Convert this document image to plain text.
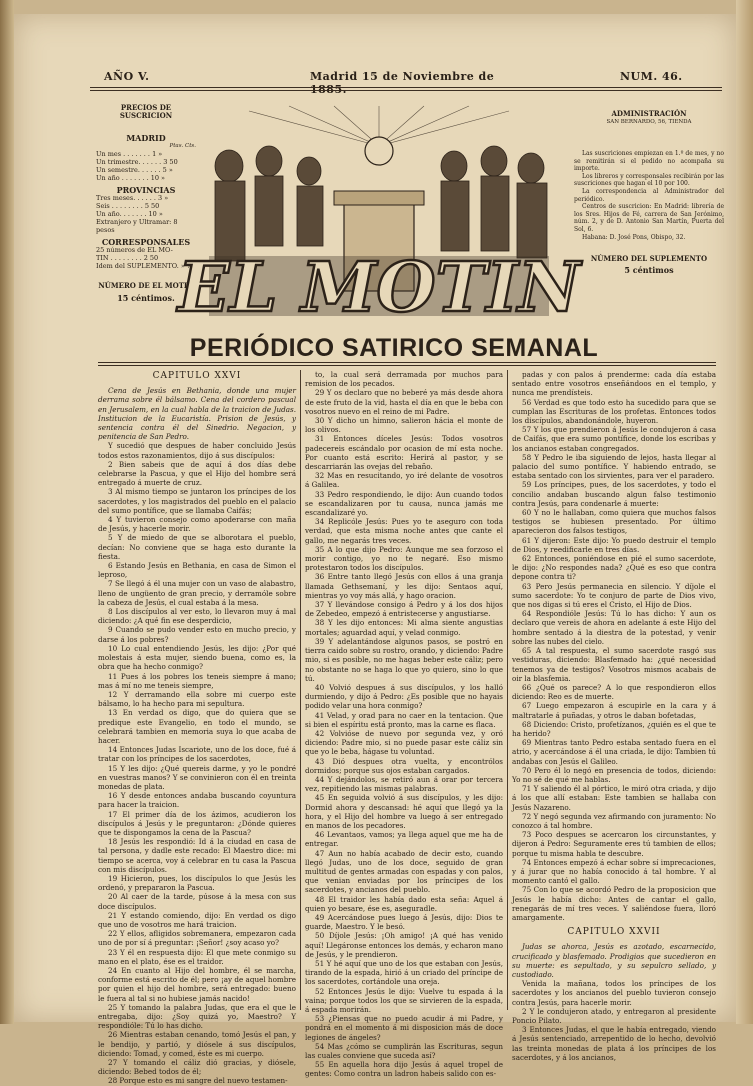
AÑO V.	Madrid 15 de Noviembre de 1885.
NUM. 46.
PRECIOS DE SUSCRICION
MADRID
Ptas. Cts.
Un mes . . . . . . . 1 »
Un trimestre. . . . . . 3 50
Un semestre. . . . . . 5 »
Un año . . . . . . . 10 »
PROVINCIAS
Tres meses. . . . . . 3 »
Seis . . . . . . . . 5 50
Un año. . . . . . . 10 »
Extranjero y Ultramar: 8 pesos
CORRESPONSALES
25 números de EL MO-
TIN . . . . . . . . 2 50
Idem del SUPLEMENTO. » 75
NÚMERO DE EL MOTIN
15 céntimos.
ADMINISTRACIÓN
SAN BERNARDO, 56, TIENDA
Las suscriciones empiezan en 1.º de mes, y no se remitirán si el pedido no acompaña su importe.
Los libreros y corresponsales recibirán por las suscriciones que hagan el 10 por 100.
La correspondencia al Administrador del periódico.
Centros de suscricion: En Madrid: librería de los Sres. Hijos de Fé, carrera de San Jerónimo, núm. 2, y de D. Antonio San Martín, Puerta del Sol, 6.
Habana: D. José Pons, Obispo, 32.
NÚMERO DEL SUPLEMENTO
5 céntimos
EL MOTIN
PERIÓDICO SATIRICO SEMANAL
CAPITULO XXVI

Cena de Jesús en Bethania, donde una mujer derrama sobre él bálsamo. Cena del cordero pascual en Jerusalem, en la cual habla de la traicion de Judas. Institucion de la Eucaristía. Prision de Jesús, y sentencia contra él del Sinedrio. Negacion, y penitencia de San Pedro.

Y sucedió que despues de haber concluido Jesús todos estos razonamientos, dijo á sus discípulos:

2 Bien sabeis que de aquí á dos días debe celebrarse la Pascua, y que el Hijo del hombre será entregado á muerte de cruz.

3 Al mismo tiempo se juntaron los príncipes de los sacerdotes, y los magistrados del pueblo en el palacio del sumo pontífice, que se llamaba Caifás;

4 Y tuvieron consejo como apoderarse con maña de Jesús, y hacerle morir.

5 Y de miedo de que se alborotara el pueblo, decían: No conviene que se haga esto durante la fiesta.

6 Estando Jesús en Bethania, en casa de Simon el leproso,

7 Se llegó á él una mujer con un vaso de alabastro, lleno de ungüento de gran precio, y derramóle sobre la cabeza de Jesús, el cual estaba á la mesa.

8 Los discípulos al ver esto, lo llevaron muy á mal diciendo: ¿A qué fin ese desperdicio,

9 Cuando se pudo vender esto en mucho precio, y darse á los pobres?

10 Lo cual entendiendo Jesús, les dijo: ¿Por qué molestais á esta mujer, siendo buena, como es, la obra que ha hecho conmigo?

11 Pues á los pobres los teneis siempre á mano; mas á mí no me teneis siempre,

12 Y derramando ella sobre mi cuerpo este bálsamo, lo ha hecho para mi sepultura.

13 En verdad os digo, que do quiera que se predique este Evangelio, en todo el mundo, se celebrará tambien en memoria suya lo que acaba de hacer.

14 Entonces Judas Iscariote, uno de los doce, fué á tratar con los príncipes de los sacerdotes,

15 Y les dijo: ¿Qué quereis darme, y yo le pondré en vuestras manos? Y se convinieron con él en treinta monedas de plata.

16 Y desde entonces andaba buscando coyuntura para hacer la traicion.

17 El primer día de los ázimos, acudieron los discípulos á Jesús y le preguntaron: ¿Dónde quieres que te dispongamos la cena de la Pascua?

18 Jesús les respondió: Id á la ciudad en casa de tal persona, y dadle este recado: El Maestro dice: mi tiempo se acerca, voy á celebrar en tu casa la Pascua con mis discípulos.

19 Hicieron, pues, los discípulos lo que Jesús les ordenó, y prepararon la Pascua.

20 Al caer de la tarde, púsose á la mesa con sus doce discípulos.

21 Y estando comiendo, dijo: En verdad os digo que uno de vosotros me hará traicion.

22 Y ellos, afligidos sobremanera, empezaron cada uno de por sí á preguntar: ¡Señor! ¿soy acaso yo?

23 Y él en respuesta dijo: El que mete conmigo su mano en el plato, ése es el traidor.

24 En cuanto al Hijo del hombre, él se marcha, conforme está escrito de él; pero ¡ay de aquel hombre por quien el hijo del hombre, será entregado: bueno le fuera al tal si no hubiese jamás nacido!

25 Y tomando la palabra Judas, que era el que le entregaba, dijo: ¿Soy quizá yo, Maestro? Y respondióle: Tú lo has dicho.

26 Mientras estaban cenando, tomó Jesús el pan, y le bendijo, y partió, y diósele á sus discípulos, diciendo: Tomad, y comed, éste es mi cuerpo.

27 Y tomando el cáliz dió gracias, y diósele, diciendo: Bebed todos de él;

28 Porque esto es mi sangre del nuevo testamen-

to, la cual será derramada por muchos para remision de los pecados.

29 Y os declaro que no beberé ya más desde ahora de este fruto de la vid, hasta el día en que le beba con vosotros nuevo en el reino de mi Padre.

30 Y dicho un himno, salieron hácia el monte de los olivos.

31 Entonces díceles Jesús: Todos vosotros padecereis escándalo por ocasion de mí esta noche. Por cuanto está escrito: Herirá al pastor, y se descarriarán las ovejas del rebaño.

32 Mas en resucitando, yo iré delante de vosotros á Galilea.

33 Pedro respondiendo, le dijo: Aun cuando todos se escandalizaren por tu causa, nunca jamás me escandalizaré yo.

34 Replicóle Jesús: Pues yo te aseguro con toda verdad, que esta misma noche antes que cante el gallo, me negarás tres veces.

35 A lo que dijo Pedro: Aunque me sea forzoso el morir contigo, yo no te negaré. Eso mismo protestaron todos los discípulos.

36 Entre tanto llegó Jesús con ellos á una granja llamada Gethsemaní, y les dijo: Sentaos aquí, mientras yo voy más allá, y hago oracion.

37 Y llevándose consigo á Pedro y á los dos hijos de Zebedeo, empezó á entristecerse y angustiarse.

38 Y les dijo entonces: Mi alma siente angustias mortales; aguardad aquí, y velad conmigo.

39 Y adelantándose algunos pasos, se postró en tierra caido sobre su rostro, orando, y diciendo: Padre mio, si es posible, no me hagas beber este cáliz; pero no obstante no se haga lo que yo quiero, sino lo que tú.

40 Volvió despues á sus discípulos, y los halló durmiendo, y dijo á Pedro: ¿Es posible que no hayais podido velar una hora conmigo?

41 Velad, y orad para no caer en la tentacion. Que si bien el espíritu está pronto, mas la carne es flaca.

42 Volvióse de nuevo por segunda vez, y oró diciendo: Padre mio, si no puede pasar este cáliz sin que yo le beba, hágase tu voluntad.

43 Dió despues otra vuelta, y encontrólos dormidos; porque sus ojos estaban cargados.

44 Y dejándolos, se retiró aun á orar por tercera vez, repitiendo las mismas palabras.

45 En seguida volvió á sus discípulos, y les dijo: Dormid ahora y descansad: hé aquí que llegó ya la hora, y el Hijo del hombre va luego á ser entregado en manos de los pecadores.

46 Levantaos, vamos; ya llega aquel que me ha de entregar.

47 Aun no había acabado de decir esto, cuando llegó Judas, uno de los doce, seguido de gran multitud de gentes armadas con espadas y con palos, que venian enviadas por los príncipes de los sacerdotes, y ancianos del pueblo.

48 El traidor les había dado esta seña: Aquel á quien yo besare, ése es, aseguradle.

49 Acercándose pues luego á Jesús, dijo: Dios te guarde, Maestro. Y le besó.

50 Díjole Jesús: ¡Oh amigo! ¡A qué has venido aquí! Llegáronse entonces los demás, y echaron mano de Jesús, y le prendieron.

51 Y hé aquí que uno de los que estaban con Jesús, tirando de la espada, hirió á un criado del príncipe de los sacerdotes, cortándole una oreja.

52 Entonces Jesús le dijo: Vuelve tu espada á la vaina; porque todos los que se sirvieren de la espada, á espada morirán.

53 ¿Piensas que no puedo acudir á mi Padre, y pondrá en el momento á mi disposicion más de doce legiones de ángeles?

54 Mas ¿cómo se cumplirán las Escrituras, segun las cuales conviene que suceda así?

55 En aquella hora dijo Jesús á aquel tropel de gentes: Como contra un ladron habeis salido con es-

padas y con palos á prenderme: cada día estaba sentado entre vosotros enseñándoos en el templo, y nunca me prendísteis.

56 Verdad es que todo esto ha sucedido para que se cumplan las Escrituras de los profetas. Entonces todos los discípulos, abandonándole, huyeron.

57 Y los que prendieron á Jesús le condujeron á casa de Caifás, que era sumo pontífice, donde los escribas y los ancianos estaban congregados.

58 Y Pedro le iba siguiendo de lejos, hasta llegar al palacio del sumo pontífice. Y habiendo entrado, se estaba sentado con los sirvientes, para ver el paradero.

59 Los príncipes, pues, de los sacerdotes, y todo el concilio andaban buscando algun falso testimonio contra Jesús, para condenarle á muerte:

60 Y no le hallaban, como quiera que muchos falsos testigos se hubiesen presentado. Por último aparecieron dos falsos testigos,

61 Y dijeron: Este dijo: Yo puedo destruir el templo de Dios, y reedificarle en tres días.

62 Entonces, poniéndose en pié el sumo sacerdote, le dijo: ¿No respondes nada? ¿Qué es eso que contra depone contra ti?

63 Pero Jesús permanecia en silencio. Y díjole el sumo sacerdote: Yo te conjuro de parte de Dios vivo, que nos digas si tú eres el Cristo, el Hijo de Dios.

64 Respondióle Jesús: Tú lo has dicho: Y aun os declaro que vereis de ahora en adelante á este Hijo del hombre sentado á la diestra de la potestad, y venir sobre las nubes del cielo.

65 A tal respuesta, el sumo sacerdote rasgó sus vestiduras, diciendo: Blasfemado ha: ¿qué necesidad tenemos ya de testigos? Vosotros mismos acabais de oir la blasfemia.

66 ¿Qué os parece? A lo que respondieron ellos diciendo: Reo es de muerte.

67 Luego empezaron á escupirle en la cara y á maltratarle á puñadas, y otros le daban bofetadas,

68 Diciendo: Cristo, profetízanos, ¿quién es el que te ha herido?

69 Mientras tanto Pedro estaba sentado fuera en el atrio, y acercándose á él una criada, le dijo: Tambien tú andabas con Jesús el Galileo.

70 Pero él lo negó en presencia de todos, diciendo: Yo no sé de qué me hablas.

71 Y saliendo él al pórtico, le miró otra criada, y dijo á los que allí estaban: Este tambien se hallaba con Jesús Nazareno.

72 Y negó segunda vez afirmando con juramento: No conozco á tal hombre.

73 Poco despues se acercaron los circunstantes, y dijeron á Pedro: Seguramente eres tú tambien de ellos; porque tu misma habla te descubre.

74 Entonces empezó á echar sobre sí imprecaciones, y á jurar que no había conocido á tal hombre. Y al momento cantó el gallo.

75 Con lo que se acordó Pedro de la proposicion que Jesús le había dicho: Antes de cantar el gallo, renegarás de mí tres veces. Y saliéndose fuera, lloró amargamente.

CAPITULO XXVII

Judas se ahorca, Jesús es azotado, escarnecido, crucificado y blasfemado. Prodigios que sucedieron en su muerte: es sepultado, y su sepulcro sellado, y custodiado.

Venida la mañana, todos los príncipes de los sacerdotes y los ancianos del pueblo tuvieron consejo contra Jesús, para hacerle morir.

2 Y le condujeron atado, y entregaron al presidente Poncio Pilato.

3 Entonces Judas, el que le había entregado, viendo á Jesús sentenciado, arrepentido de lo hecho, devolvió las treinta monedas de plata á los príncipes de los sacerdotes, y á los ancianos,
